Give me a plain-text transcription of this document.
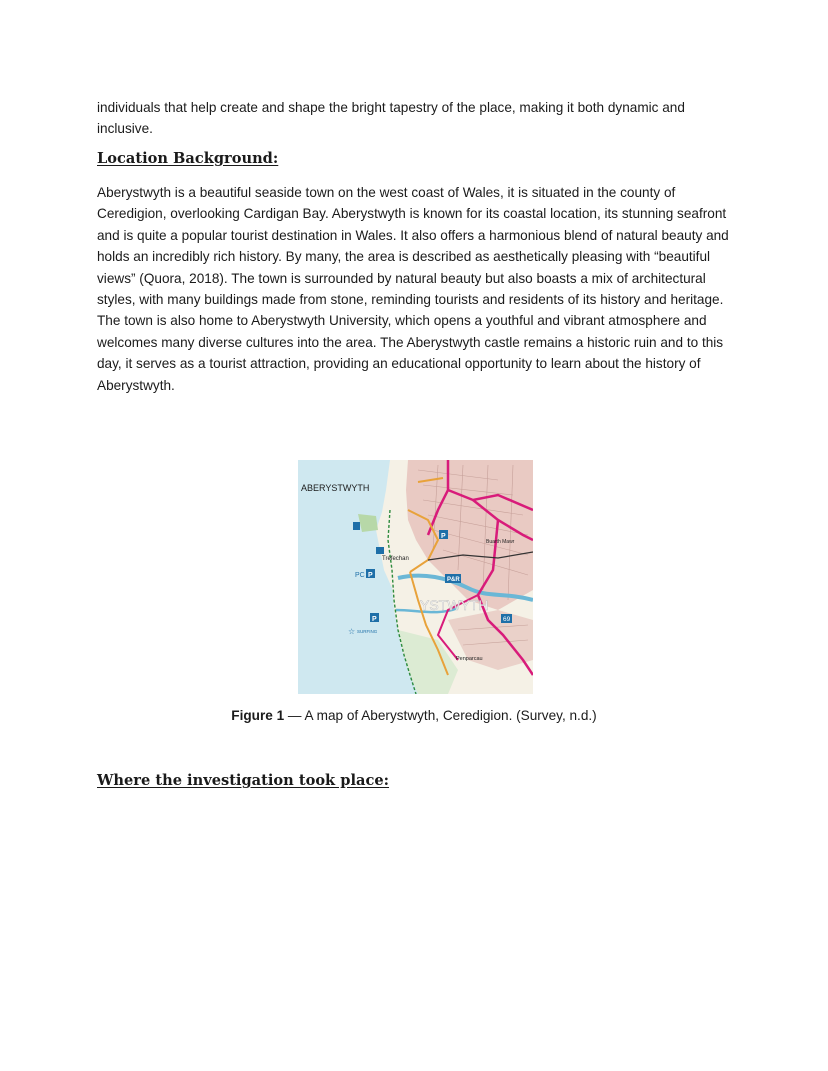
individuals that help create and shape the bright tapestry of the place, making it both dynamic and inclusive.

Location Background:

Aberystwyth is a beautiful seaside town on the west coast of Wales, it is situated in the county of Ceredigion, overlooking Cardigan Bay. Aberystwyth is known for its coastal location, its stunning seafront and is quite a popular tourist destination in Wales. It also offers a harmonious blend of natural beauty and holds an incredibly rich history. By many, the area is described as aesthetically pleasing with “beautiful views” (Quora, 2018). The town is surrounded by natural beauty but also boasts a mix of architectural styles, with many buildings made from stone, reminding tourists and residents of its history and heritage. The town is also home to Aberystwyth University, which opens a youthful and vibrant atmosphere and welcomes many diverse cultures into the area. The Aberystwyth castle remains a historic ruin and to this day, it serves as a tourist attraction, providing an educational opportunity to learn about the history of Aberystwyth.

ABERYSTWYTH
Trefechan
Buarth Mawr
Penparcau
YSTWYTH
PC P
P
P
P&R
69
☆ SURFING
Figure 1 — A map of Aberystwyth, Ceredigion. (Survey, n.d.)
Where the investigation took place:
